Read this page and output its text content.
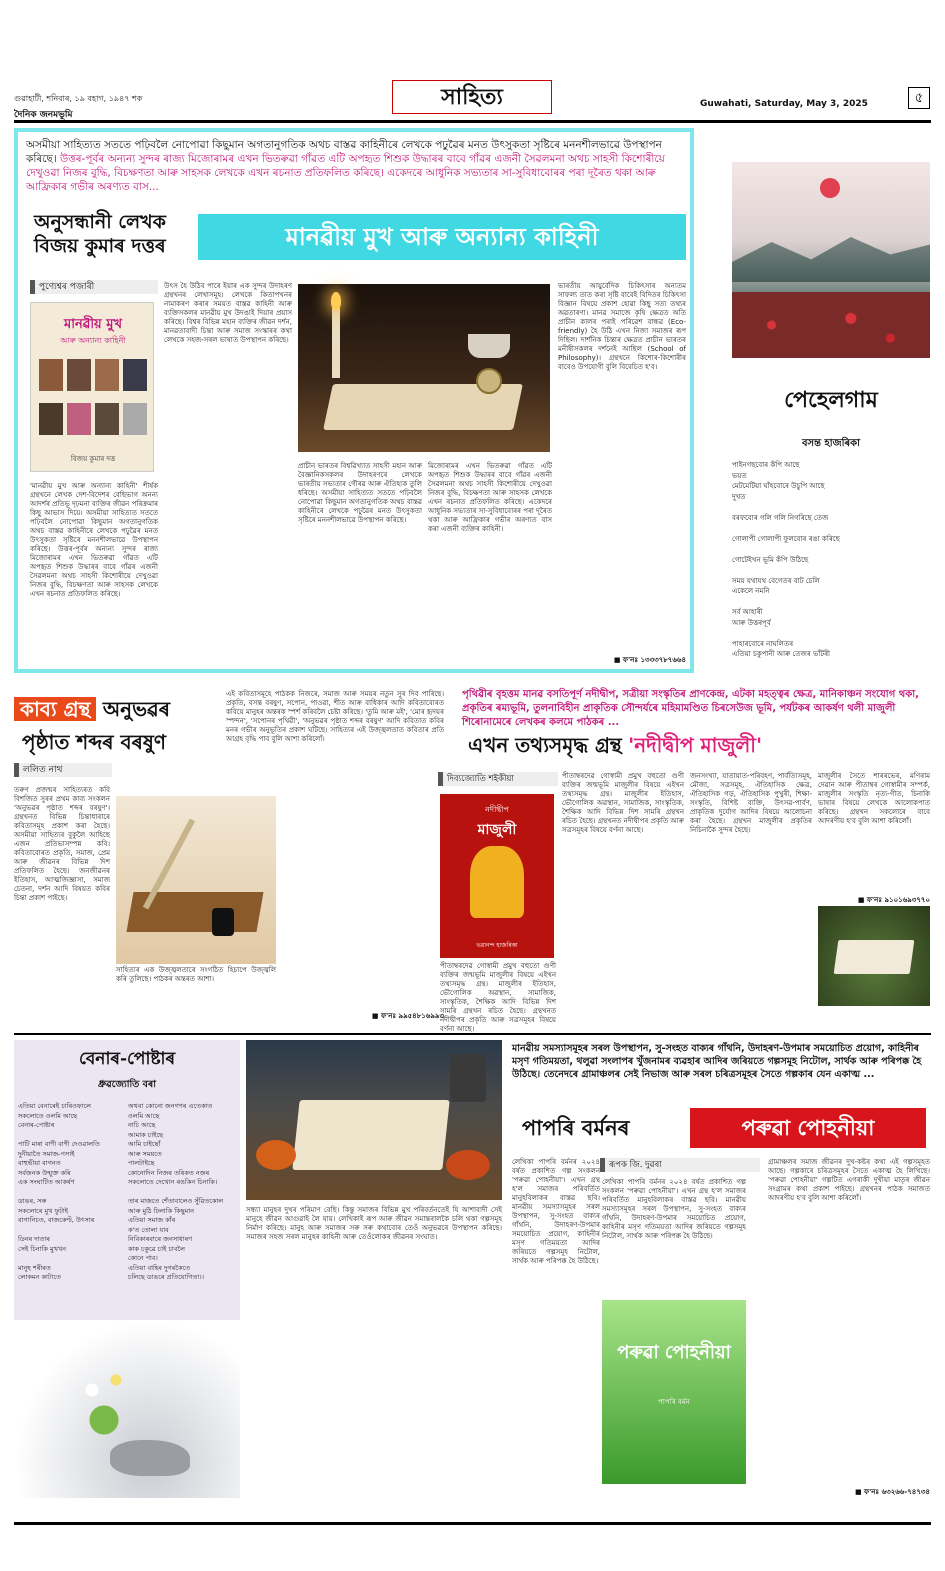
গুৱাহাটী, শনিবাৰ, ১৯ বহাগ, ১৯৪৭ শক
দৈনিক জনমভূমি
সাহিত্য	Guwahati, Saturday, May 3, 2025	৫
অসমীয়া সাহিত্যত সততে পঢ়িবলৈ নোপোৱা কিছুমান অগতানুগতিক অথচ বাস্তৱ কাহিনীৰে লেখকে পঢ়ুৱৈৰ মনত উৎসুকতা সৃষ্টিৰে মননশীলভাৱে উপস্থাপন কৰিছে। উত্তৰ-পূৰ্বৰ অন্যন্য সুন্দৰ ৰাজ্য মিজোৰামৰ এখন ভিতৰুৱা গাঁৱত এটি অপহৃত শিশুক উদ্ধাৰৰ বাবে গাঁৱৰ এজনী সৈৱলমনা অথচ সাহসী কিশোৰীয়ে দেখুওৱা নিজৰ বুদ্ধি, বিচক্ষণতা আৰু সাহসক লেখকে এখন ৰচনাত প্ৰতিফলিত কৰিছে। একেদৰে আধুনিক সভ্যতাৰ সা-সুবিধাবোৰৰ পৰা দূৰৈত থকা আৰু আফ্ৰিকাৰ গভীৰ অৰণ্যত বাস...
অনুসন্ধানী লেখক বিজয় কুমাৰ দত্তৰ	মানৱীয় মুখ আৰু অন্যান্য কাহিনী
পুণ্যেশ্বৰ পজাৰী
মানৱীয় মুখ
আৰু অন্যান্য কাহিনী
বিজয় কুমাৰ দত্ত
'মানৱীয় মুখ আৰু অন্যান্য কাহিনী' শীৰ্ষক গ্ৰন্থখনে লেখক দেশ-বিদেশৰ বেছিভাগ অনন্য আদৰ্শৰ প্ৰতিভূ দৃঢ়মনা ব্যক্তিৰ জীৱন পৰিক্ৰমাৰ কিছু আভাস দিয়ে। অসমীয়া সাহিত্যত সততে পঢ়িবলৈ নোপোৱা কিছুমান অগতানুগতিক অথচ বাস্তৱ কাহিনীৰে লেখকে পঢ়ুৱৈৰ মনত উৎসুকতা সৃষ্টিৰে মননশীলভাৱে উপস্থাপন কৰিছে। উত্তৰ-পূৰ্বৰ অন্যন্য সুন্দৰ ৰাজ্য মিজোৰামৰ এখন ভিতৰুৱা গাঁৱত এটি অপহৃত শিশুক উদ্ধাৰৰ বাবে গাঁৱৰ এজনী সৈৱলমনা অথচ সাহসী কিশোৰীয়ে দেখুওৱা নিজৰ বুদ্ধি, বিচক্ষণতা আৰু সাহসক লেখকে এখন ৰচনাত প্ৰতিফলিত কৰিছে।
উৎস হৈ উঠিব পাৰে ইয়াৰ এক সুন্দৰ উদাহৰণ গ্ৰন্থখনৰ লেখাসমূহ। লেখকে কিতাপখনৰ নামাকৰণ কৰাৰ সময়ত বাস্তৱ কাহিনী আৰু ব্যক্তিসকলৰ মানৱীয় মুখ উদঙাই দিয়াৰ প্ৰয়াস কৰিছে। বিশ্বৰ বিভিন্ন মহান ব্যক্তিৰ জীৱন দৰ্শন, মানৱতাবাদী চিন্তা আৰু সমাজ সংস্কাৰৰ কথা লেখকে সহজ-সৰল ভাষাত উপস্থাপন কৰিছে।
প্ৰাচীন ভাৰতৰ বিশ্বৱিখ্যাত সাহসী মহান আৰু বৈজ্ঞানিকসকলৰ উদাহৰণৰে লেখকে ভাৰতীয় সভ্যতাৰ গৌৰৱ আৰু ঐতিহ্যক তুলি ধৰিছে। অসমীয়া সাহিত্যত সততে পঢ়িবলৈ নোপোৱা কিছুমান অগতানুগতিক অথচ বাস্তৱ কাহিনীৰে লেখকে পঢ়ুৱৈৰ মনত উৎসুকতা সৃষ্টিৰে মননশীলভাৱে উপস্থাপন কৰিছে।
মিজোৰামৰ এখন ভিতৰুৱা গাঁৱত এটি অপহৃত শিশুক উদ্ধাৰৰ বাবে গাঁৱৰ এজনী সৈৱলমনা অথচ সাহসী কিশোৰীয়ে দেখুওৱা নিজৰ বুদ্ধি, বিচক্ষণতা আৰু সাহসক লেখকে এখন ৰচনাত প্ৰতিফলিত কৰিছে। একেদৰে আধুনিক সভ্যতাৰ সা-সুবিধাবোৰৰ পৰা দূৰৈত থকা আৰু আফ্ৰিকাৰ গভীৰ অৰণ্যত বাস কৰা এজনী ব্যক্তিৰ কাহিনী।
ভাৰতীয় আয়ুৰ্বেদিক চিকিৎসাৰ অন্যতম সাফল্য তাত কৰা সৃষ্টি বাবেই বিদিতৰ চিকিৎসা বিজ্ঞান বিষয়ে প্ৰকাশ হোৱা কিছু সত্য তথ্যৰ অৱতাৰণা। মানৱ সমাজে কৃষি ক্ষেত্ৰত অতি প্ৰাচীন কালৰ পৰাই পৰিৱেশ বান্ধৱ (Eco-friendly) হৈ উঠি এখন নিজা সমাজৰ ৰূপ দিছিল। দাৰ্শনিক চিন্তাৰ ক্ষেত্ৰত প্ৰাচীন ভাৰতৰ মনীষীসকলৰ দৰ্শনেই আছিল (School of Philosophy)। গ্ৰন্থখনে কিশোৰ-কিশোৰীৰ বাবেও উপযোগী বুলি বিবেচিত হ'ব।
■ ফ'নঃ ১৩৩৩৭৮৭৬৬৪
পেহেলগাম
বসন্ত হাজৰিকা
পাইনগছবোৰ কঁপি আছে
ভয়ত
মেটমেটিয়া ঘাঁহবোৰে উচুপি আছে
দুখত

বৰফবোৰ গলি গলি নিগৰিছে তেজ

গোলাপী গোলাপী ফুলবোৰ ৰঙা কৰিছে

গোটেইখন ভূমি কঁপি উঠিছে

সময় যথাযথ বেগেতৰ বাট চেলি
একেলে নমনি

সৰ্ব আহাৰী
আৰু উত্তৰপূৰ্ব

পাহাৰবোৰে নাঘলিতৰ
এতিয়া চকুপানী আৰু তেজৰ ভাঁটৰী
কাব্য গ্ৰন্থ অনুভৱৰ
পৃষ্ঠাত শব্দৰ বৰষুণ
ললিত নাথ
তৰুণ প্ৰজন্মৰ সাহিত্যৰত কবি বিশজিত সুৰৰ প্ৰথম কাব্য সংকলন 'অনুভৱৰ পৃষ্ঠাত শব্দৰ বৰষুণ'। গ্ৰন্থখনত বিভিন্ন চিন্তাধাৰাৰে কবিতাসমূহ প্ৰকাশ কৰা হৈছে। অসমীয়া সাহিত্যৰ বুকুলৈ আহিছে এজন প্ৰতিভাসম্পন্ন কবি। কবিতাবোৰত প্ৰকৃতি, সমাজ, প্ৰেম আৰু জীৱনৰ বিভিন্ন দিশ প্ৰতিফলিত হৈছে। জনজীৱনৰ ইতিহাস, আত্মজিজ্ঞাসা, সমাজ চেতনা, দৰ্শন আদি বিষয়ত কবিৰ চিন্তা প্ৰকাশ পাইছে।
সাহিত্যৰ এক উজ্জ্বলতাৰে সংগঠিত হিচাপে উজ্জ্বলি কৰি তুলিছে। পাঠকৰ অন্তৰত আশা।
এই কবিতাসমূহে পাঠকক নিজৰে, সমাজ আৰু সময়ৰ নতুন সুৰ দিব পাৰিছে। প্ৰকৃতি, বসন্ত বৰষুণ, সপোন, পাওৱা, শীত আৰু বাধিকাৰ আদি কবিতাবোৰত কবিয়ে মানুহৰ অন্তৰক স্পৰ্শ কৰিবলৈ চেষ্টা কৰিছে। 'তুমি আৰু মই', 'মোৰ হৃদয়ৰ স্পন্দন', 'সপোনৰ পৃথিৱী', 'অনুভৱৰ পৃষ্ঠাত শব্দৰ বৰষুণ' আদি কবিতাত কবিৰ মনৰ গভীৰ অনুভূতিৰ প্ৰকাশ ঘটিছে। সাহিত্যৰ এই উজ্জ্বলতাত কবিতাৰ প্ৰতি আগ্ৰহ বৃদ্ধি পাব বুলি আশা কৰিলোঁ।
■ ফ'নঃ ৯৯৫৪৮১৬৯৯৩
পৃথিৱীৰ বৃহত্তম মানৱ বসতিপূৰ্ণ নদীদ্বীপ, সত্ৰীয়া সংস্কৃতিৰ প্ৰাণকেন্দ্ৰ, এটকা মহত্ত্বৰ ক্ষেত্ৰ, মানিকাঞ্চন সংযোগ থকা, প্ৰকৃতিৰ ৰম্যভূমি, তুলনাবিহীন প্ৰাকৃতিক সৌন্দৰ্যৰে মহিমামণ্ডিত চিৰসেউজ ভূমি, পৰ্যটকৰ আকৰ্ষণ থলী মাজুলী শিৰোনামেৰে লেখকৰ কলমে পাঠকৰ ...
এখন তথ্যসমৃদ্ধ গ্ৰন্থ 'নদীদ্বীপ মাজুলী'
দিব্যজ্যোতি শইকীয়া
নদীদ্বীপ
মাজুলী
ভৱানন্দ হাজৰিকা
পীতাম্বৰদেৱ গোস্বামী প্ৰমুখ বহুতো গুণী ব্যক্তিৰ জন্মভূমি মাজুলীৰ বিষয়ে এইখন তথ্যসমৃদ্ধ গ্ৰন্থ। মাজুলীৰ ইতিহাস, ভৌগোলিক অৱস্থান, সামাজিক, সাংস্কৃতিক, শৈক্ষিক আদি বিভিন্ন দিশ সামৰি গ্ৰন্থখন ৰচিত হৈছে। গ্ৰন্থখনত নদীদ্বীপৰ প্ৰকৃতি আৰু সত্ৰসমূহৰ বিষয়ে বৰ্ণনা আছে।
জনসংখ্যা, যাতায়াত-পৰিবহণ, পাৰ্বত্যিসমূহ, মৌজা, সত্ৰসমূহ, ঐতিহাসিক ক্ষেত্ৰ, ঐতিহাসিক গড়, ঐতিহাসিক পুখুৰী, শিক্ষা-সংস্কৃতি, বিশিষ্ট ব্যক্তি, উৎসৱ-পাৰ্বণ, প্ৰাকৃতিক দুৰ্যোগ আদিৰ বিষয়ে আলোচনা কৰা হৈছে। গ্ৰন্থখন মাজুলীৰ প্ৰকৃতিৰ নিচিনাকৈ সুন্দৰ হৈছে।
মাজুলীৰ সৈতে শাৰৰভেৰ, মণিৰাম দেৱান আৰু পীতাম্বৰ গোস্বামীৰ সম্পৰ্ক, মাজুলীৰ সংস্কৃতি নৃত্য-গীত, চিনাকি ভাষাৰ বিষয়ে লেখকে আলোকপাত কৰিছে। গ্ৰন্থখন সকলোৰে বাবে আদৰণীয় হ'ব বুলি আশা কৰিলোঁ।
■ ফ'নঃ ৯১০১৬৯৩৭৭০
পীতাম্বৰদেৱ গোস্বামী প্ৰমুখ বহুতো গুণী ব্যক্তিৰ জন্মভূমি মাজুলীৰ বিষয়ে এইখন তথ্যসমৃদ্ধ গ্ৰন্থ। মাজুলীৰ ইতিহাস, ভৌগোলিক অৱস্থান, সামাজিক, সাংস্কৃতিক, শৈক্ষিক আদি বিভিন্ন দিশ সামৰি গ্ৰন্থখন ৰচিত হৈছে। গ্ৰন্থখনত নদীদ্বীপৰ প্ৰকৃতি আৰু সত্ৰসমূহৰ বিষয়ে বৰ্ণনা আছে।
বেনাৰ-পোষ্টাৰ
ধ্ৰুৱজ্যোতি বৰা
এতিয়া বেনাৰেই চাৰিওফালে
সকলোতে ওলমি আছে
বেনাৰ-পোষ্টাৰ

পাটি মাৰা বাণী বাণী দেওৱালতি
দুনীয়াতৈ সমাজ-পসাই
বাহুভীয়া বাগনত
সৰ্বজনক উন্মুক্ত কৰি
এক সংঘাটিত আকৰ্ষণ

ডাঙৰ, সৰু
সকলোৰে মুখ ফুটাই
বাগানিচত, বাজকেণ্ট, উৎসাৰ

ডিনৰ দাতাৰ
সেই চিনাকি মুখখন

মানুহ শৰীৰত
লোকমন কাটাতে
অথবা কোনো জনগণৰ এতেকাত
ওলমি আছে
নাচি আছে
আমাক চাইছে
আমি চাইছোঁ
আৰু সময়তে
পালটাইছে
কোনোদিন নিজৰ তৰিকত নজৰ
সকলোতে দেখোন ৰঙকিন চিনাকি।

তাৰ মাজতে শেঁতাবালেও সুঁৱিতকোল
আৰু মুঠি ঢিলাকি কিছুমান
এতিয়া সমাজ কাঁৰ
ক'ত তোলা যাব
নিবিকাৰবাৰে জনসাধাৰণ
কাক চকুৱে চাই চাবলৈ
কোনে পাব।
এতিয়া বাহিৰ দুগৰকৈতে
চলিছে ডাঙৰে প্ৰতিযোগিতা।।
সন্ধ্যা মানুহৰ দুখৰ পৰিমাণ বেছি। কিন্তু সমাজৰ বিভিন্ন মুখ পৰিবৰ্তনতেই যি আশাবাদী সেই মানুহে জীৱন আগুৱাই লৈ যায়। লেখিকাই ৰূপ আৰু জীৱন সমান্তৰালকৈ চলি থকা গল্পসমূহ নিৰ্মাণ কৰিছে। মানুহ আৰু সমাজৰ সৰু সৰু কথাবোৰ তেওঁ অনুভৱৰে উপস্থাপন কৰিছে। সমাজৰ সহজ সৰল মানুহৰ কাহিনী আৰু তেওঁলোকৰ জীৱনৰ সংঘাত।
মানৱীয় সমস্যাসমূহৰ সৰল উপস্থাপন, সু-সংহত বাক্যৰ গাঁথনি, উদাহৰণ-উপমাৰ সময়োচিত প্ৰয়োগ, কাহিনীৰ মসৃণ গতিময়তা, থলুৱা সংলাপৰ খুঁজনামৰ ব্যৱহাৰ আদিৰ জৰিয়তে গল্পসমূহ নিটোল, সাৰ্থক আৰু পৰিপক্ক হৈ উঠিছে। তেনেদৰে গ্ৰামাঞ্চলৰ সেই নিভাজ আৰু সৰল চৰিত্ৰসমূহৰ সৈতে গল্পকাৰ যেন একাত্ম ...
পাপৰি বৰ্মনৰ	পৰুৱা পোহনীয়া
লেখিকা পাপৰি বৰ্মনৰ ২০২৪ বৰ্ষত প্ৰকাশিত গল্প সংকলন 'পৰুৱা পোহনীয়া'। এখন গ্ৰন্থ হ'ল সমাজৰ পৰিবৰ্তিত মানুহবিলাকৰ বাস্তৱ ছবি। মানৱীয় সমস্যাসমূহৰ সৰল উপস্থাপন, সু-সংহত বাক্যৰ গাঁথনি, উদাহৰণ-উপমাৰ সময়োচিত প্ৰয়োগ, কাহিনীৰ মসৃণ গতিময়তা আদিৰ জৰিয়তে গল্পসমূহ নিটোল, সাৰ্থক আৰু পৰিপক্ক হৈ উঠিছে।
ৰূপক জি. দুৱৰা
পৰুৱা পোহনীয়া
পাপৰি বৰ্মন
লেখিকা পাপৰি বৰ্মনৰ ২০২৪ বৰ্ষত প্ৰকাশিত গল্প সংকলন 'পৰুৱা পোহনীয়া'। এখন গ্ৰন্থ হ'ল সমাজৰ পৰিবৰ্তিত মানুহবিলাকৰ বাস্তৱ ছবি। মানৱীয় সমস্যাসমূহৰ সৰল উপস্থাপন, সু-সংহত বাক্যৰ গাঁথনি, উদাহৰণ-উপমাৰ সময়োচিত প্ৰয়োগ, কাহিনীৰ মসৃণ গতিময়তা আদিৰ জৰিয়তে গল্পসমূহ নিটোল, সাৰ্থক আৰু পৰিপক্ক হৈ উঠিছে।
গ্ৰামাঞ্চলৰ সমাজ জীৱনৰ দুখ-কষ্টৰ কথা এই গল্পসমূহত আছে। গল্পকাৰে চৰিত্ৰসমূহৰ সৈতে একাত্ম হৈ লিখিছে। 'পৰুৱা পোহনীয়া' গল্পটিত এগৰাকী দুখীয়া মাতৃৰ জীৱন সংগ্ৰামৰ কথা প্ৰকাশ পাইছে। গ্ৰন্থখনৰ পাঠক সমাজত আদৰণীয় হ'ব বুলি আশা কৰিলোঁ।
■ ফ'নঃ ৬৩২৬৬-৭৪৭৩৪
